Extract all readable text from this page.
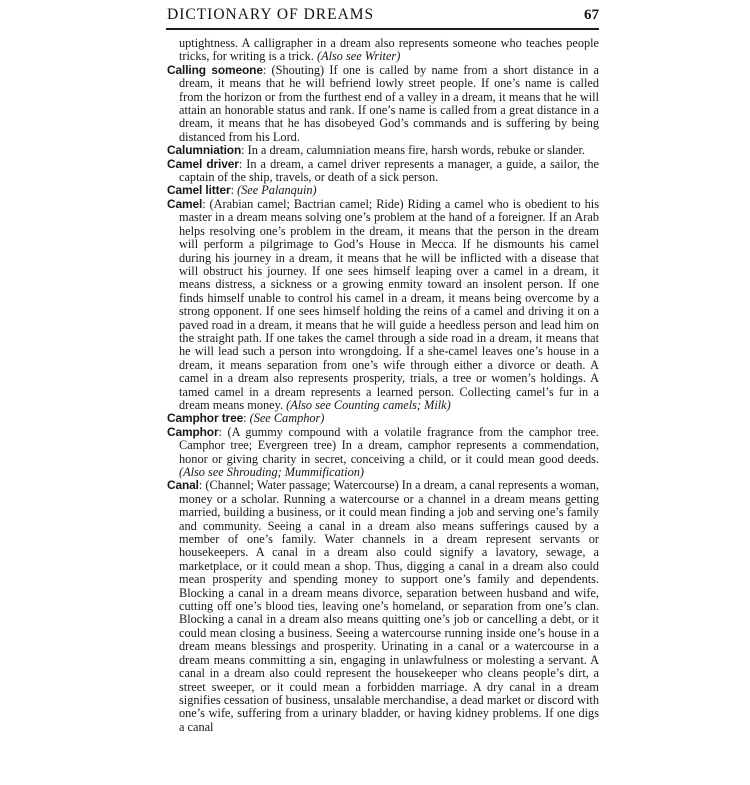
DICTIONARY OF DREAMS	67

uptightness. A calligrapher in a dream also represents someone who teaches people tricks, for writing is a trick. (Also see Writer)

Calling someone: (Shouting) If one is called by name from a short distance in a dream, it means that he will befriend lowly street people. If one’s name is called from the horizon or from the furthest end of a valley in a dream, it means that he will attain an honorable status and rank. If one’s name is called from a great distance in a dream, it means that he has disobeyed God’s commands and is suffering by being distanced from his Lord.

Calumniation: In a dream, calumniation means fire, harsh words, rebuke or slander.

Camel driver: In a dream, a camel driver represents a manager, a guide, a sailor, the captain of the ship, travels, or death of a sick person.

Camel litter: (See Palanquin)

Camel: (Arabian camel; Bactrian camel; Ride) Riding a camel who is obedient to his master in a dream means solving one’s problem at the hand of a foreigner. If an Arab helps resolving one’s problem in the dream, it means that the person in the dream will perform a pilgrimage to God’s House in Mecca. If he dismounts his camel during his journey in a dream, it means that he will be inflicted with a disease that will obstruct his journey. If one sees himself leaping over a camel in a dream, it means distress, a sickness or a growing enmity toward an insolent person. If one finds himself unable to control his camel in a dream, it means being overcome by a strong opponent. If one sees himself holding the reins of a camel and driving it on a paved road in a dream, it means that he will guide a heedless person and lead him on the straight path. If one takes the camel through a side road in a dream, it means that he will lead such a person into wrongdoing. If a she-camel leaves one’s house in a dream, it means separation from one’s wife through either a divorce or death. A camel in a dream also represents prosperity, trials, a tree or women’s holdings. A tamed camel in a dream represents a learned person. Collecting camel’s fur in a dream means money. (Also see Counting camels; Milk)

Camphor tree: (See Camphor)

Camphor: (A gummy compound with a volatile fragrance from the camphor tree. Camphor tree; Evergreen tree) In a dream, camphor represents a commendation, honor or giving charity in secret, conceiving a child, or it could mean good deeds. (Also see Shrouding; Mummification)

Canal: (Channel; Water passage; Watercourse) In a dream, a canal represents a woman, money or a scholar. Running a watercourse or a channel in a dream means getting married, building a business, or it could mean finding a job and serving one’s family and community. Seeing a canal in a dream also means sufferings caused by a member of one’s family. Water channels in a dream represent servants or housekeepers. A canal in a dream also could signify a lavatory, sewage, a marketplace, or it could mean a shop. Thus, digging a canal in a dream also could mean prosperity and spending money to support one’s family and dependents. Blocking a canal in a dream means divorce, separation between husband and wife, cutting off one’s blood ties, leaving one’s homeland, or separation from one’s clan. Blocking a canal in a dream also means quitting one’s job or cancelling a debt, or it could mean closing a business. Seeing a watercourse running inside one’s house in a dream means blessings and prosperity. Urinating in a canal or a watercourse in a dream means committing a sin, engaging in unlawfulness or molesting a servant. A canal in a dream also could represent the housekeeper who cleans people’s dirt, a street sweeper, or it could mean a forbidden marriage. A dry canal in a dream signifies cessation of business, unsalable merchandise, a dead market or discord with one’s wife, suffering from a urinary bladder, or having kidney problems. If one digs a canal
